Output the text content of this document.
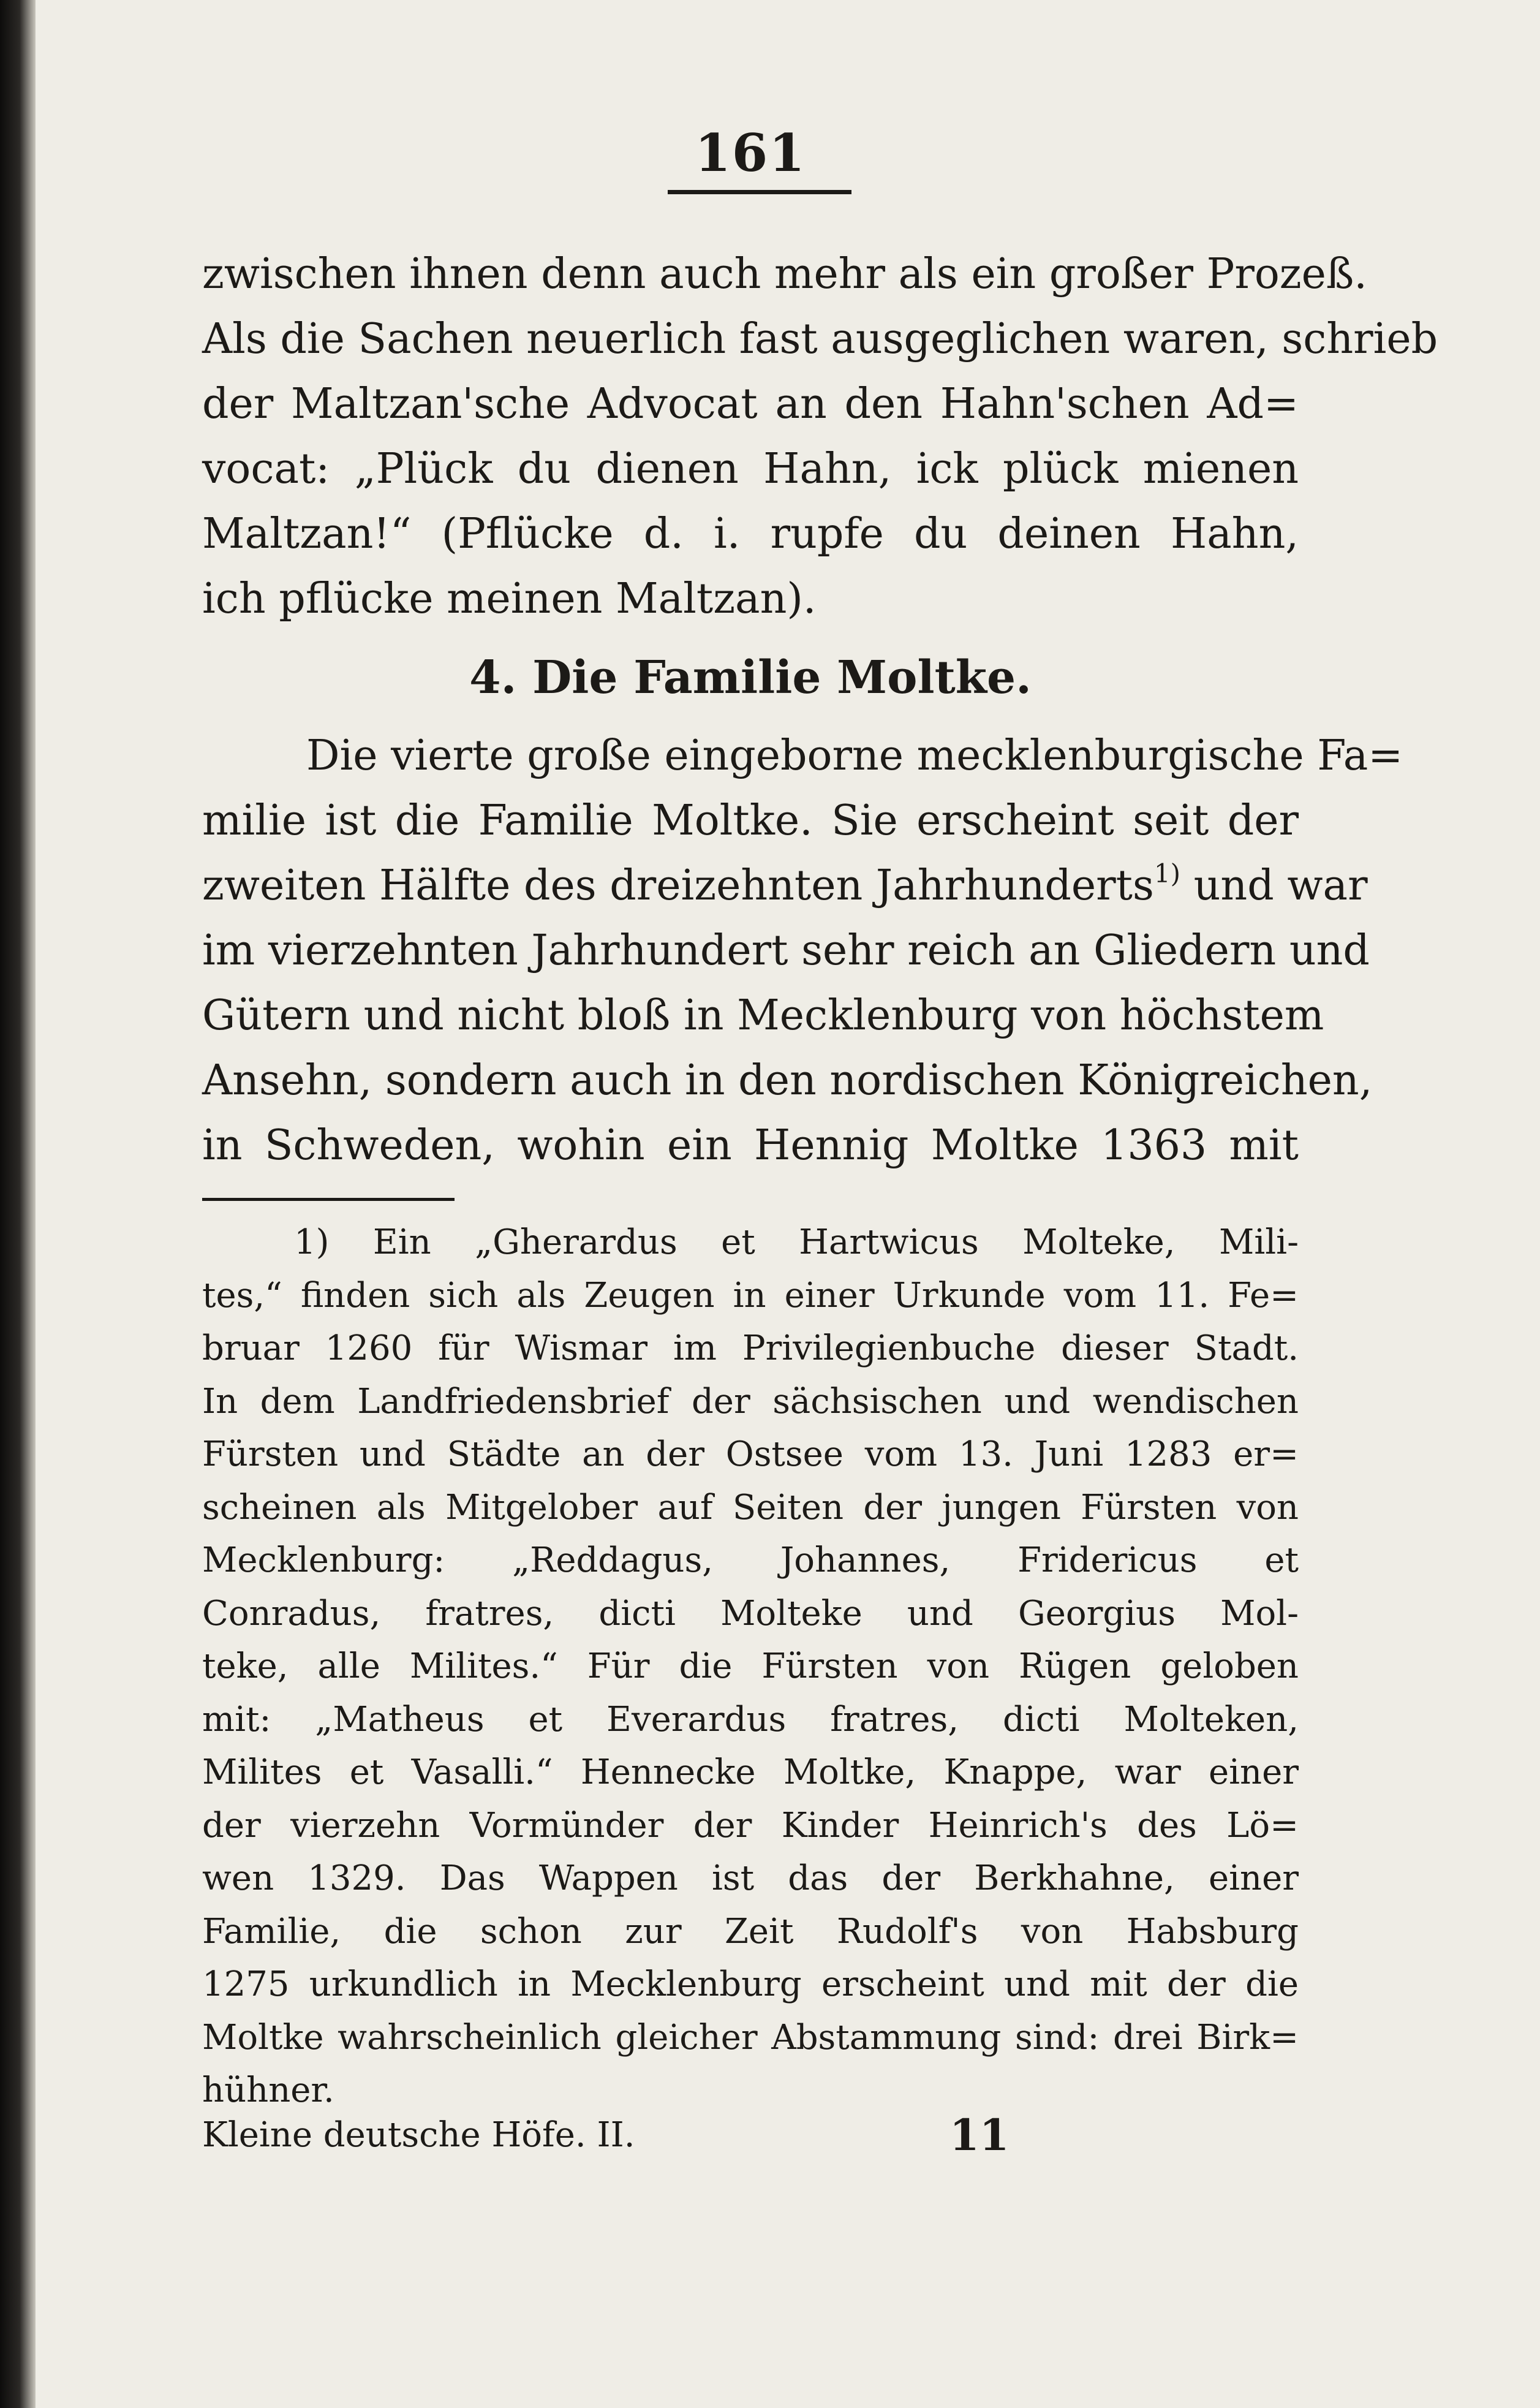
161
zwischen ihnen denn auch mehr als ein großer Prozeß.
Als die Sachen neuerlich fast ausgeglichen waren, schrieb
der Maltzan'sche Advocat an den Hahn'schen Ad=
vocat: „Plück du dienen Hahn, ick plück mienen
Maltzan!“ (Pflücke d. i. rupfe du deinen Hahn,
ich pflücke meinen Maltzan).
4. Die Familie Moltke.
Die vierte große eingeborne mecklenburgische Fa=
milie ist die Familie Moltke. Sie erscheint seit der
zweiten Hälfte des dreizehnten Jahrhunderts$^{1)}$ und war
im vierzehnten Jahrhundert sehr reich an Gliedern und
Gütern und nicht bloß in Mecklenburg von höchstem
Ansehn, sondern auch in den nordischen Königreichen,
in Schweden, wohin ein Hennig Moltke 1363 mit
1) Ein „Gherardus et Hartwicus Molteke, Mili-
tes,“ finden sich als Zeugen in einer Urkunde vom 11. Fe=
bruar 1260 für Wismar im Privilegienbuche dieser Stadt.
In dem Landfriedensbrief der sächsischen und wendischen
Fürsten und Städte an der Ostsee vom 13. Juni 1283 er=
scheinen als Mitgelober auf Seiten der jungen Fürsten von
Mecklenburg: „Reddagus, Johannes, Fridericus et
Conradus, fratres, dicti Molteke und Georgius Mol-
teke, alle Milites.“ Für die Fürsten von Rügen geloben
mit: „Matheus et Everardus fratres, dicti Molteken,
Milites et Vasalli.“ Hennecke Moltke, Knappe, war einer
der vierzehn Vormünder der Kinder Heinrich's des Lö=
wen 1329. Das Wappen ist das der Berkhahne, einer
Familie, die schon zur Zeit Rudolf's von Habsburg
1275 urkundlich in Mecklenburg erscheint und mit der die
Moltke wahrscheinlich gleicher Abstammung sind: drei Birk=
hühner.
Kleine deutsche Höfe. II.	11
